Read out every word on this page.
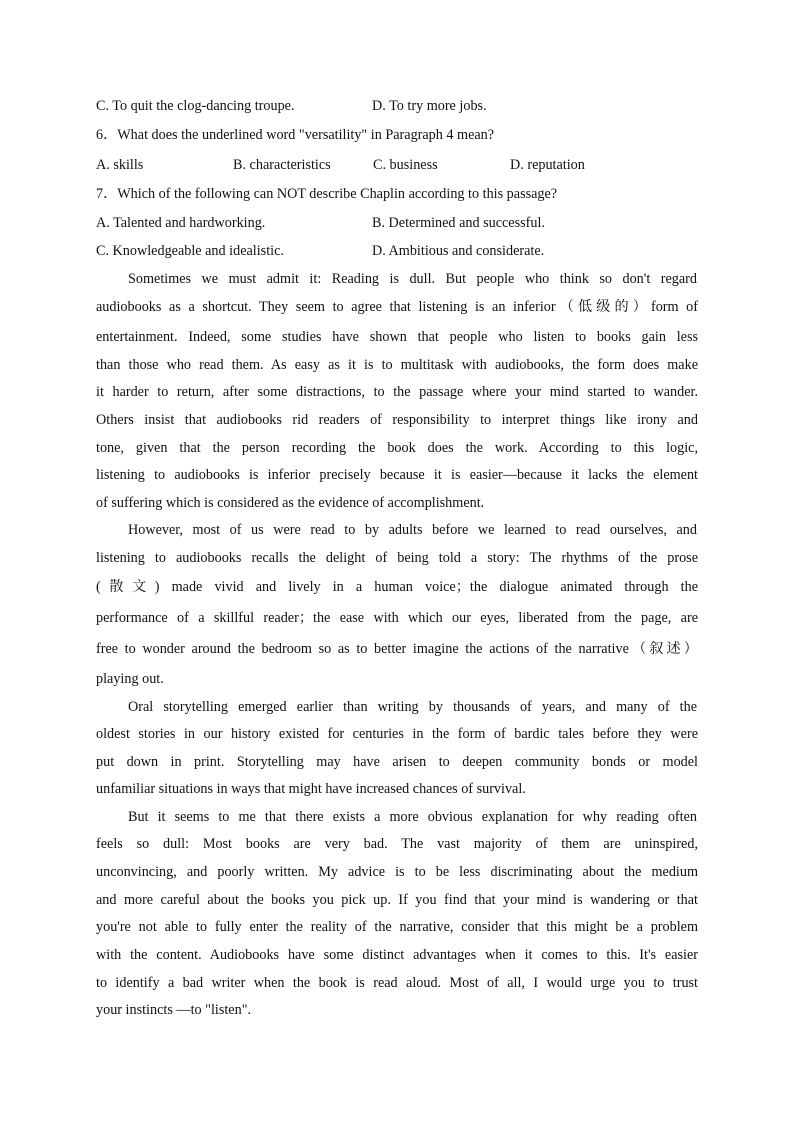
C. To quit the clog-dancing troupe.	D. To try more jobs.
6．What does the underlined word "versatility" in Paragraph 4 mean?
A. skills	B. characteristics	C. business	D. reputation
7．Which of the following can NOT describe Chaplin according to this passage?
A. Talented and hardworking.	B. Determined and successful.
C. Knowledgeable and idealistic.	D. Ambitious and considerate.
Sometimes we must admit it: Reading is dull. But people who think so don't regard
audiobooks as a shortcut. They seem to agree that listening is an inferior（低级的）form of
entertainment. Indeed, some studies have shown that people who listen to books gain less
than those who read them. As easy as it is to multitask with audiobooks, the form does make
it harder to return, after some distractions, to the passage where your mind started to wander.
Others insist that audiobooks rid readers of responsibility to interpret things like irony and
tone, given that the person recording the book does the work. According to this logic,
listening to audiobooks is inferior precisely because it is easier—because it lacks the element
of suffering which is considered as the evidence of accomplishment.
However, most of us were read to by adults before we learned to read ourselves, and
listening to audiobooks recalls the delight of being told a story: The rhythms of the prose
(散文) made vivid and lively in a human voice；the dialogue animated through the
performance of a skillful reader；the ease with which our eyes, liberated from the page, are
free to wonder around the bedroom so as to better imagine the actions of the narrative（叙述）
playing out.
Oral storytelling emerged earlier than writing by thousands of years, and many of the
oldest stories in our history existed for centuries in the form of bardic tales before they were
put down in print. Storytelling may have arisen to deepen community bonds or model
unfamiliar situations in ways that might have increased chances of survival.
But it seems to me that there exists a more obvious explanation for why reading often
feels so dull: Most books are very bad. The vast majority of them are uninspired,
unconvincing, and poorly written. My advice is to be less discriminating about the medium
and more careful about the books you pick up. If you find that your mind is wandering or that
you're not able to fully enter the reality of the narrative, consider that this might be a problem
with the content. Audiobooks have some distinct advantages when it comes to this. It's easier
to identify a bad writer when the book is read aloud. Most of all, I would urge you to trust
your instincts —to "listen".
